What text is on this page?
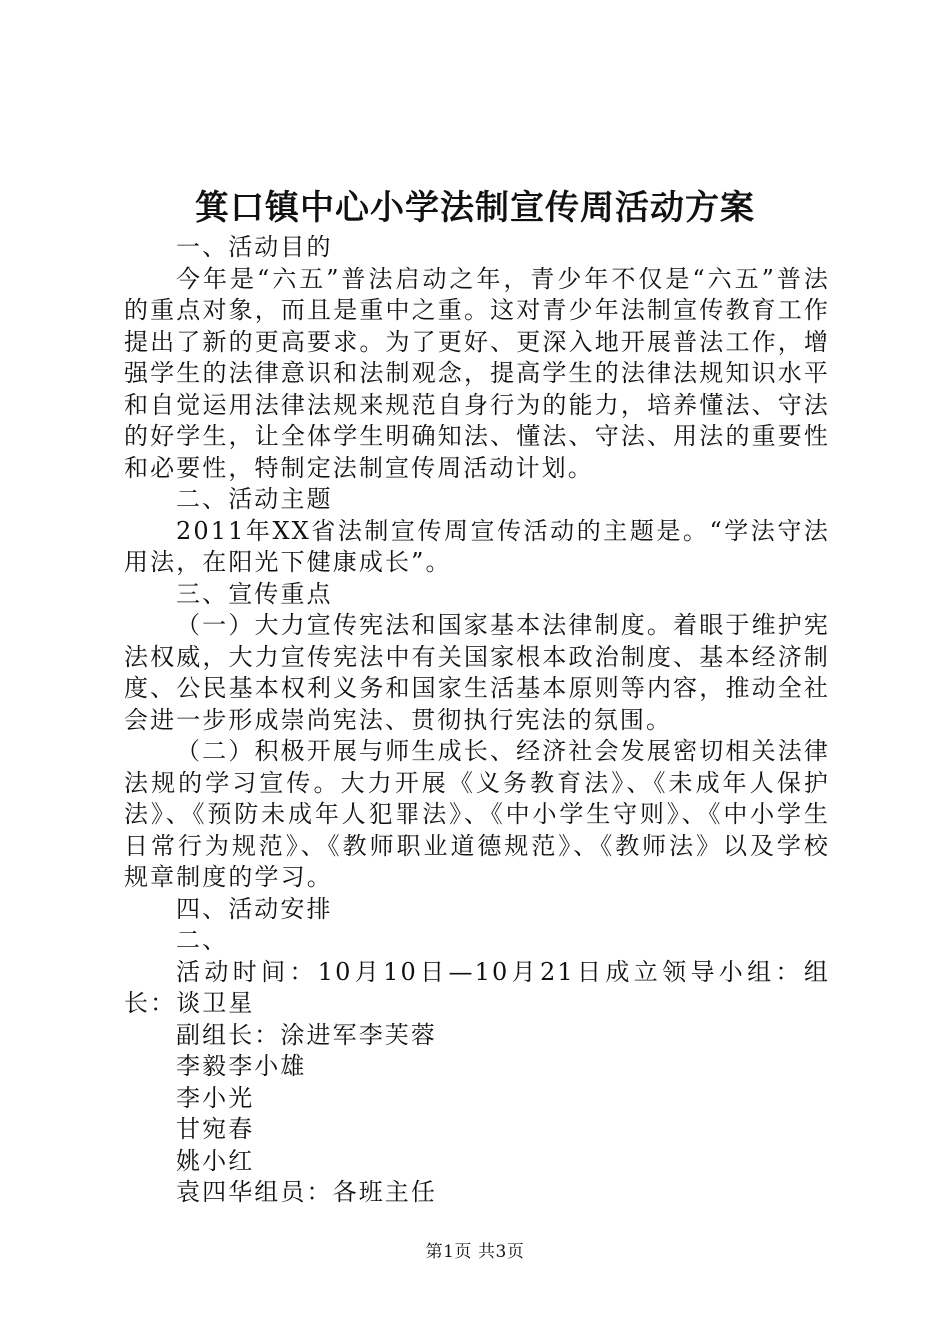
箕口镇中心小学法制宣传周活动方案

一、活动目的

今年是“六五”普法启动之年，青少年不仅是“六五”普法的重点对象，而且是重中之重。这对青少年法制宣传教育工作提出了新的更高要求。为了更好、更深入地开展普法工作，增强学生的法律意识和法制观念，提高学生的法律法规知识水平和自觉运用法律法规来规范自身行为的能力，培养懂法、守法的好学生，让全体学生明确知法、懂法、守法、用法的重要性和必要性，特制定法制宣传周活动计划。

二、活动主题

2011年XX省法制宣传周宣传活动的主题是。“学法守法用法，在阳光下健康成长”。

三、宣传重点

（一）大力宣传宪法和国家基本法律制度。着眼于维护宪法权威，大力宣传宪法中有关国家根本政治制度、基本经济制度、公民基本权利义务和国家生活基本原则等内容，推动全社会进一步形成崇尚宪法、贯彻执行宪法的氛围。

（二）积极开展与师生成长、经济社会发展密切相关法律法规的学习宣传。大力开展《义务教育法》、《未成年人保护法》、《预防未成年人犯罪法》、《中小学生守则》、《中小学生日常行为规范》、《教师职业道德规范》、《教师法》以及学校规章制度的学习。

四、活动安排

二、

活动时间：10月10日—10月21日成立领导小组：组长：谈卫星

副组长：涂进军李芙蓉

李毅李小雄

李小光

甘宛春

姚小红

袁四华组员：各班主任

第1页 共3页
